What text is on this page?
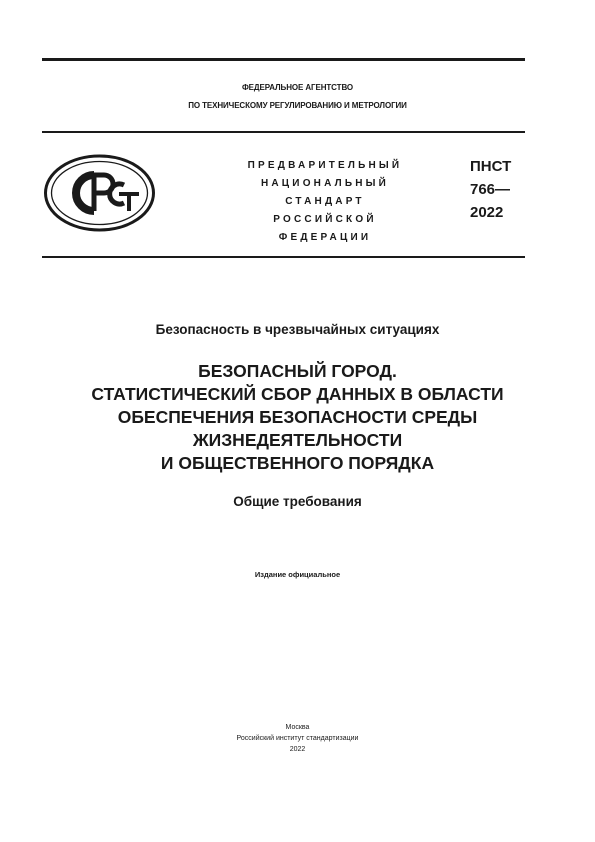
ФЕДЕРАЛЬНОЕ АГЕНТСТВО
ПО ТЕХНИЧЕСКОМУ РЕГУЛИРОВАНИЮ И МЕТРОЛОГИИ
ПРЕДВАРИТЕЛЬНЫЙ
НАЦИОНАЛЬНЫЙ
СТАНДАРТ
РОССИЙСКОЙ
ФЕДЕРАЦИИ
ПНСТ
766—
2022
Безопасность в чрезвычайных ситуациях
БЕЗОПАСНЫЙ ГОРОД.
СТАТИСТИЧЕСКИЙ СБОР ДАННЫХ В ОБЛАСТИ
ОБЕСПЕЧЕНИЯ БЕЗОПАСНОСТИ СРЕДЫ
ЖИЗНЕДЕЯТЕЛЬНОСТИ
И ОБЩЕСТВЕННОГО ПОРЯДКА
Общие требования
Издание официальное
Москва
Российский институт стандартизации
2022
